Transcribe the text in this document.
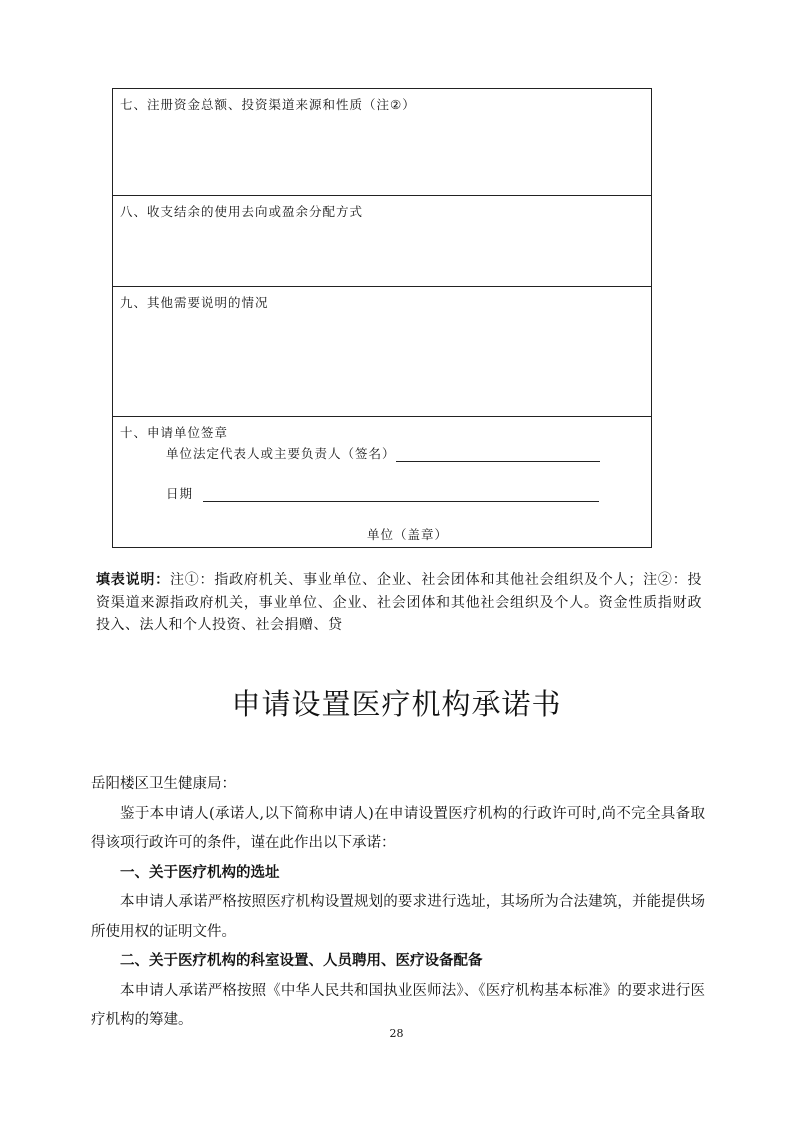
七、注册资金总额、投资渠道来源和性质（注②）
八、收支结余的使用去向或盈余分配方式
九、其他需要说明的情况
十、申请单位签章
单位法定代表人或主要负责人（签名）
日期
单位（盖章）
填表说明：注①：指政府机关、事业单位、企业、社会团体和其他社会组织及个人；注②：投资渠道来源指政府机关，事业单位、企业、社会团体和其他社会组织及个人。资金性质指财政投入、法人和个人投资、社会捐赠、贷
申请设置医疗机构承诺书

岳阳楼区卫生健康局：

鉴于本申请人(承诺人,以下简称申请人)在申请设置医疗机构的行政许可时,尚不完全具备取得该项行政许可的条件，谨在此作出以下承诺：

一、关于医疗机构的选址

本申请人承诺严格按照医疗机构设置规划的要求进行选址，其场所为合法建筑，并能提供场所使用权的证明文件。

二、关于医疗机构的科室设置、人员聘用、医疗设备配备

本申请人承诺严格按照《中华人民共和国执业医师法》、《医疗机构基本标准》的要求进行医疗机构的筹建。

28
